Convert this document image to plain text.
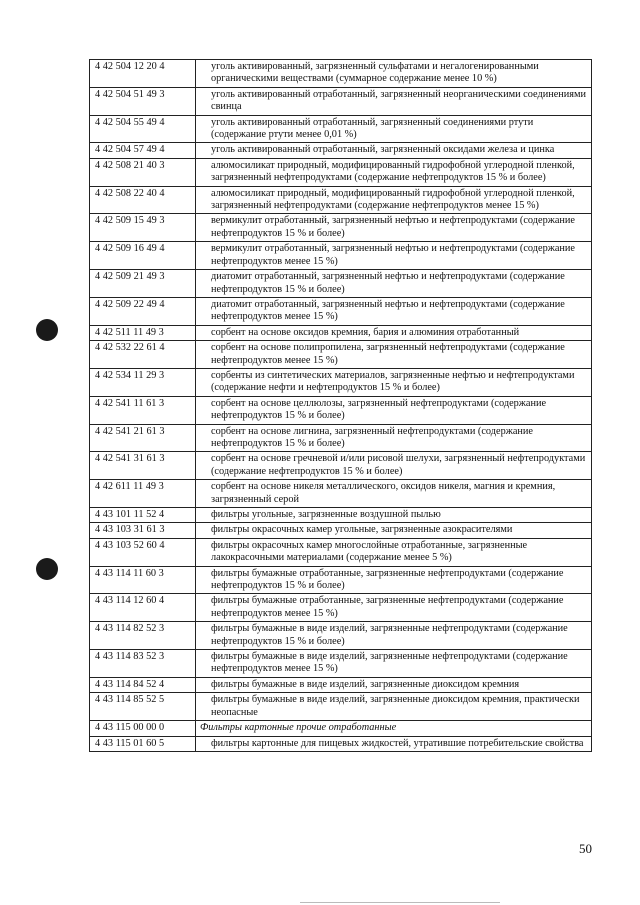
4 42 504 12 20 4	уголь активированный, загрязненный сульфатами и негалогенированными органическими веществами (суммарное содержание менее 10 %)
4 42 504 51 49 3	уголь активированный отработанный, загрязненный неорганическими соединениями свинца
4 42 504 55 49 4	уголь активированный отработанный, загрязненный соединениями ртути (содержание ртути менее 0,01 %)
4 42 504 57 49 4	уголь активированный отработанный, загрязненный оксидами железа и цинка
4 42 508 21 40 3	алюмосиликат природный, модифицированный гидрофобной углеродной пленкой, загрязненный нефтепродуктами (содержание нефтепродуктов 15 % и более)
4 42 508 22 40 4	алюмосиликат природный, модифицированный гидрофобной углеродной пленкой, загрязненный нефтепродуктами (содержание нефтепродуктов менее 15 %)
4 42 509 15 49 3	вермикулит отработанный, загрязненный нефтью и нефтепродуктами (содержание нефтепродуктов 15 % и более)
4 42 509 16 49 4	вермикулит отработанный, загрязненный нефтью и нефтепродуктами (содержание нефтепродуктов менее 15 %)
4 42 509 21 49 3	диатомит отработанный, загрязненный нефтью и нефтепродуктами (содержание нефтепродуктов 15 % и более)
4 42 509 22 49 4	диатомит отработанный, загрязненный нефтью и нефтепродуктами (содержание нефтепродуктов менее 15 %)
4 42 511 11 49 3	сорбент на основе оксидов кремния, бария и алюминия отработанный
4 42 532 22 61 4	сорбент на основе полипропилена, загрязненный нефтепродуктами (содержание нефтепродуктов менее 15 %)
4 42 534 11 29 3	сорбенты из синтетических материалов, загрязненные нефтью и нефтепродуктами (содержание нефти и нефтепродуктов 15 % и более)
4 42 541 11 61 3	сорбент на основе целлюлозы, загрязненный нефтепродуктами (содержание нефтепродуктов 15 % и более)
4 42 541 21 61 3	сорбент на основе лигнина, загрязненный нефтепродуктами (содержание нефтепродуктов 15 % и более)
4 42 541 31 61 3	сорбент на основе гречневой и/или рисовой шелухи, загрязненный нефтепродуктами (содержание нефтепродуктов 15 % и более)
4 42 611 11 49 3	сорбент на основе никеля металлического, оксидов никеля, магния и кремния, загрязненный серой
4 43 101 11 52 4	фильтры угольные, загрязненные воздушной пылью
4 43 103 31 61 3	фильтры окрасочных камер угольные, загрязненные азокрасителями
4 43 103 52 60 4	фильтры окрасочных камер многослойные отработанные, загрязненные лакокрасочными материалами (содержание менее 5 %)
4 43 114 11 60 3	фильтры бумажные отработанные, загрязненные нефтепродуктами (содержание нефтепродуктов 15 % и более)
4 43 114 12 60 4	фильтры бумажные отработанные, загрязненные нефтепродуктами (содержание нефтепродуктов менее 15 %)
4 43 114 82 52 3	фильтры бумажные в виде изделий, загрязненные нефтепродуктами (содержание нефтепродуктов 15 % и более)
4 43 114 83 52 3	фильтры бумажные в виде изделий, загрязненные нефтепродуктами (содержание нефтепродуктов менее 15 %)
4 43 114 84 52 4	фильтры бумажные в виде изделий, загрязненные диоксидом кремния
4 43 114 85 52 5	фильтры бумажные в виде изделий, загрязненные диоксидом кремния, практически неопасные
4 43 115 00 00 0	Фильтры картонные прочие отработанные
4 43 115 01 60 5	фильтры картонные для пищевых жидкостей, утратившие потребительские свойства
50
